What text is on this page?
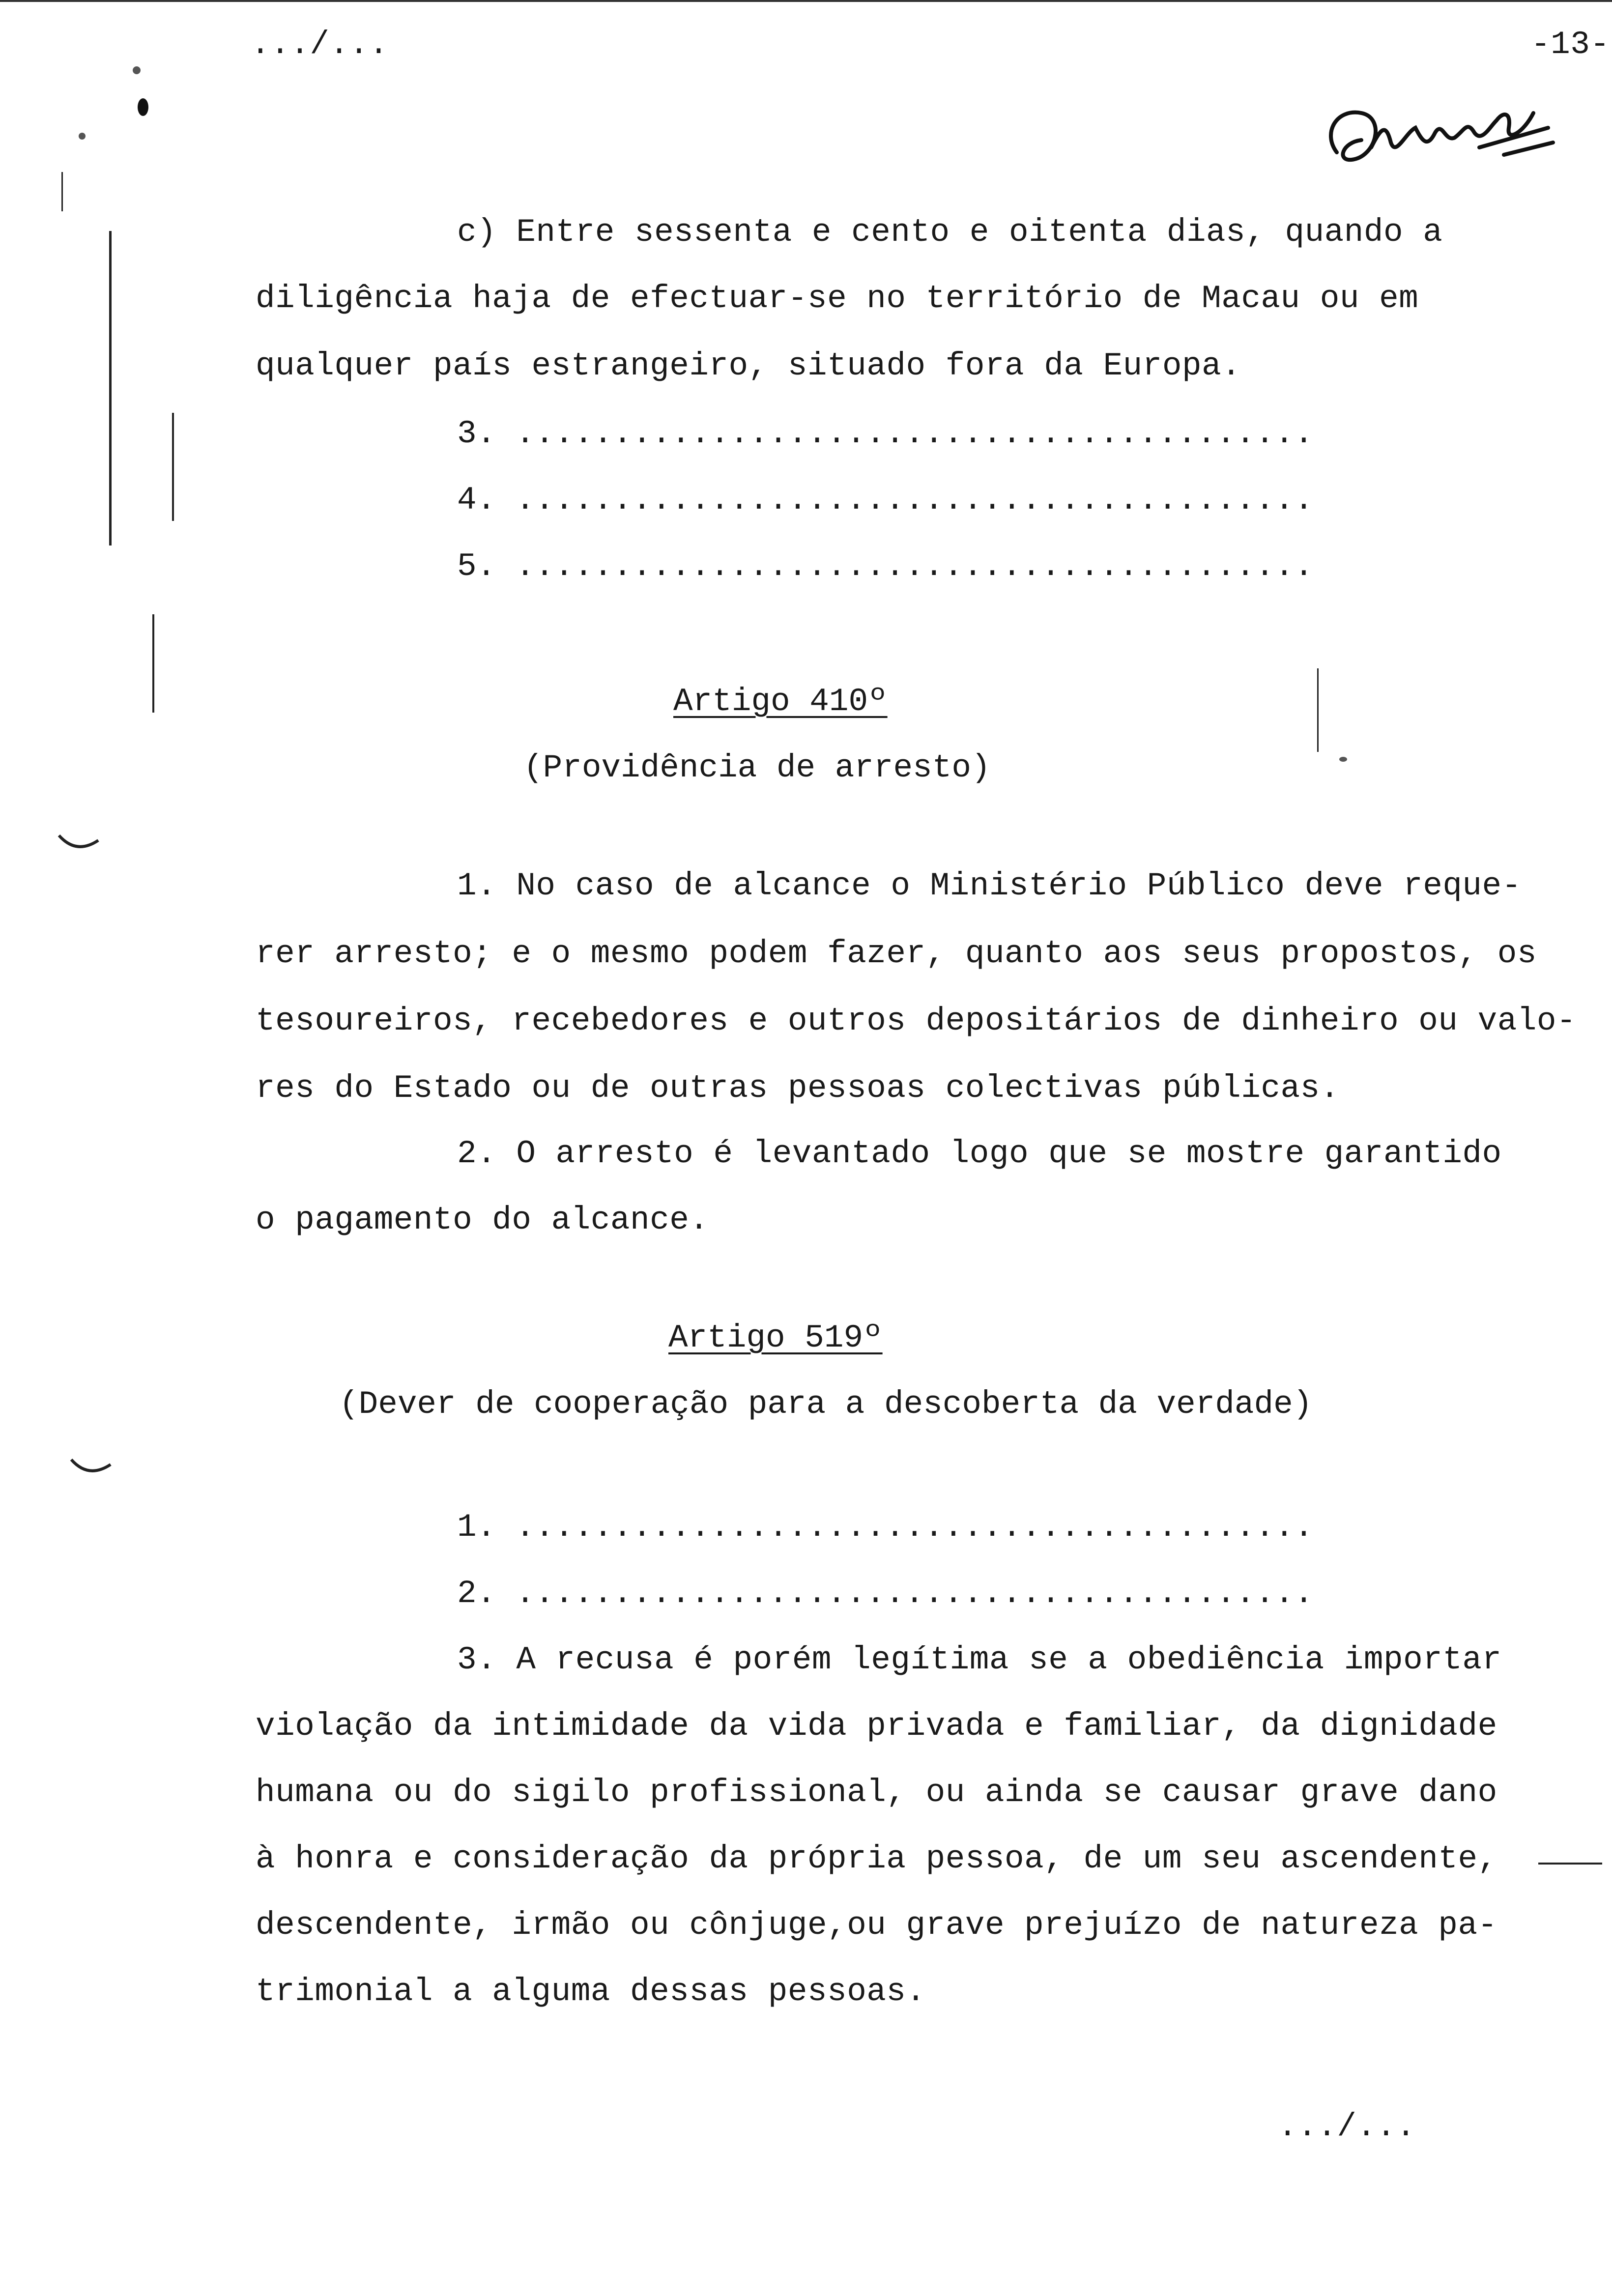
.../...	-13-
c) Entre sessenta e cento e oitenta dias, quando a
diligência haja de efectuar-se no território de Macau ou em
qualquer país estrangeiro, situado fora da Europa.
3. .........................................
4. .........................................
5. .........................................
Artigo 410º
(Providência de arresto)
1. No caso de alcance o Ministério Público deve reque-
rer arresto; e o mesmo podem fazer, quanto aos seus propostos, os
tesoureiros, recebedores e outros depositários de dinheiro ou valo-
res do Estado ou de outras pessoas colectivas públicas.
2. O arresto é levantado logo que se mostre garantido
o pagamento do alcance.
Artigo 519º
(Dever de cooperação para a descoberta da verdade)
1. .........................................
2. .........................................
3. A recusa é porém legítima se a obediência importar
violação da intimidade da vida privada e familiar, da dignidade
humana ou do sigilo profissional, ou ainda se causar grave dano
à honra e consideração da própria pessoa, de um seu ascendente,
descendente, irmão ou cônjuge,ou grave prejuízo de natureza pa-
trimonial a alguma dessas pessoas.
.../...
